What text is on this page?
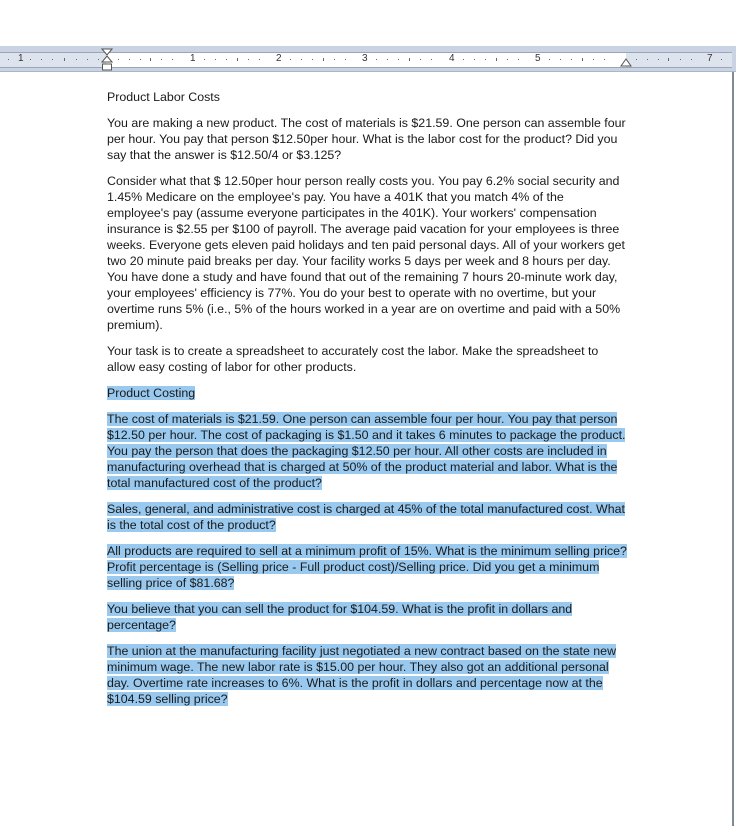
1	1	2	3	4	5	7

Product Labor Costs

You are making a new product. The cost of materials is $21.59. One person can assemble four per hour. You pay that person $12.50per hour. What is the labor cost for the product? Did you say that the answer is $12.50/4 or $3.125?

Consider what that $ 12.50per hour person really costs you. You pay 6.2% social security and 1.45% Medicare on the employee's pay. You have a 401K that you match 4% of the employee's pay (assume everyone participates in the 401K). Your workers' compensation insurance is $2.55 per $100 of payroll. The average paid vacation for your employees is three weeks. Everyone gets eleven paid holidays and ten paid personal days. All of your workers get two 20 minute paid breaks per day. Your facility works 5 days per week and 8 hours per day. You have done a study and have found that out of the remaining 7 hours 20-minute work day, your employees' efficiency is 77%. You do your best to operate with no overtime, but your overtime runs 5% (i.e., 5% of the hours worked in a year are on overtime and paid with a 50% premium).

Your task is to create a spreadsheet to accurately cost the labor. Make the spreadsheet to allow easy costing of labor for other products.

Product Costing

The cost of materials is $21.59. One person can assemble four per hour. You pay that person $12.50 per hour. The cost of packaging is $1.50 and it takes 6 minutes to package the product. You pay the person that does the packaging $12.50 per hour. All other costs are included in manufacturing overhead that is charged at 50% of the product material and labor. What is the total manufactured cost of the product?

Sales, general, and administrative cost is charged at 45% of the total manufactured cost. What is the total cost of the product?

All products are required to sell at a minimum profit of 15%. What is the minimum selling price? Profit percentage is (Selling price - Full product cost)/Selling price. Did you get a minimum selling price of $81.68?

You believe that you can sell the product for $104.59. What is the profit in dollars and percentage?

The union at the manufacturing facility just negotiated a new contract based on the state new minimum wage. The new labor rate is $15.00 per hour. They also got an additional personal day. Overtime rate increases to 6%. What is the profit in dollars and percentage now at the $104.59 selling price?
